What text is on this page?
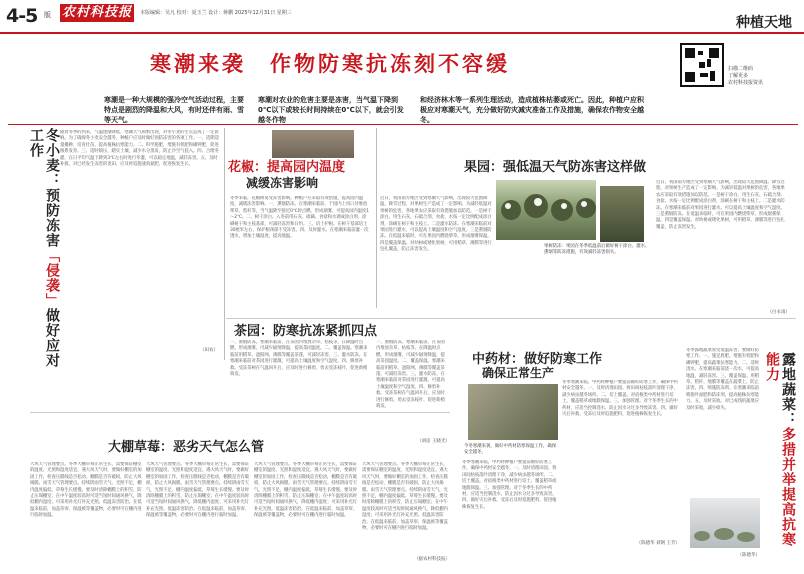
4-5 版 农村科技报	本版编辑：吴凡 校对：夏玉兰 设计：蒋鹏 2025年12月31日 星期三
种植天地
寒潮来袭　作物防寒抗冻刻不容缓
寒潮是一种大规模的强冷空气活动过程，主要特点是剧烈的降温和大风，有时还伴有雨、雪等天气。
寒潮对农业的危害主要是冻害，当气温下降到0℃以下或较长时间持续在0℃以下，就会引发越冬作物
和经济林木等一系列生理活动，造成植株枯萎或死亡。因此，种植户应积极应对寒潮天气，充分做好防灾减灾准备工作及措施，确保农作物安全越冬。
扫描二维码
了解更多
农村科技报资讯
冬小麦：预防冻害「侵袭」做好应对工作	随着冬季的到来，气温逐渐降低，寒潮天气频繁出现，对冬小麦的生长造成了一定影响。为了确保冬小麦安全越冬，种植户应及时做好预防冻害的各项工作。一、适期适量播种，培育壮苗，提高植株抗寒能力。二、科学施肥，增施有机肥和磷钾肥，促进根系发育。三、适时镇压，踏实土壤，减少水分蒸发，防止冷空气侵入。四、合理冬灌，在日平均气温下降到3℃左右时进行冬灌，可以稳定地温，减轻冻害。五、及时补救，对已经发生冻害的麦田，应及时追施速效氮肥，促进恢复生长。
（田农）
花椒：提高园内温度
减缓冻害影响
冬季来临，花椒树易受冻害影响。种植户应采取有效措施，提高园内温度，减缓冻害影响。一、熏烟防冻。在寒潮来临前，于园内上风口处堆放柴草、秸秆等，当气温降至接近0℃时点燃，形成烟雾，可提高园内温度1～2℃。二、树干涂白。入冬前用石灰、硫磺、食盐和水调成涂白剂，涂刷树干和主枝基部，可减轻冻害和日灼。三、培土护根。在树干基部培土30厘米左右，保护根颈部不受冻害。四、及时灌水。在寒潮来临前灌一次透水，增加土壤湿度，提高地温。
果园：强低温天气防冻害这样做
近日，我国南方地区受到寒潮天气影响，出现较大范围降温、降雪过程，对果树生产造成了一定影响。为减轻低温对果树的危害，各地果农应采取有效措施加以防范。一是树干涂白。用生石灰、石硫合剂、食盐、水按一定比例配成涂白剂，涂刷在树干和主枝上。二是灌水防冻。在寒潮来临前对果园进行灌水，可以提高土壤温度和空气湿度。三是熏烟防冻。在低温来临时，可在果园内燃烧柴草，形成烟雾保温。四是覆盖保温。对幼树或矮化果树，可用稻草、薄膜等进行包扎覆盖，防止冻害发生。
果树防冻：果园在冬季低温前后做好树干涂白、灌水、熏烟等防冻措施，有效减轻冻害损失。
近日，我国南方地区受到寒潮天气影响，出现较大范围降温、降雪过程，对果树生产造成了一定影响。为减轻低温对果树的危害，各地果农应采取有效措施加以防范。一是树干涂白。用生石灰、石硫合剂、食盐、水按一定比例配成涂白剂，涂刷在树干和主枝上。二是灌水防冻。在寒潮来临前对果园进行灌水，可以提高土壤温度和空气湿度。三是熏烟防冻。在低温来临时，可在果园内燃烧柴草，形成烟雾保温。四是覆盖保温。对幼树或矮化果树，可用稻草、薄膜等进行包扎覆盖，防止冻害发生。
（白永雨）
茶园：防寒抗冻紧抓四点
一、熏烟防冻。寒潮来临前，在茶园内堆放杂草、枯枝等，在降温时点燃，形成烟雾，可减少辐射降温，提高茶园温度。二、覆盖保温。寒潮来临前用稻草、遮阳网、薄膜等覆盖茶蓬，可减轻冻害。三、灌水防冻。在寒潮来临前对茶园进行灌溉，可提高土壤温度和空气湿度。四、修剪补救。受冻茶树在气温回升后，应及时进行修剪，剪去受冻枝叶，促进新梢萌发。
一、熏烟防冻。寒潮来临前，在茶园内堆放杂草、枯枝等，在降温时点燃，形成烟雾，可减少辐射降温，提高茶园温度。二、覆盖保温。寒潮来临前用稻草、遮阳网、薄膜等覆盖茶蓬，可减轻冻害。三、灌水防冻。在寒潮来临前对茶园进行灌溉，可提高土壤温度和空气湿度。四、修剪补救。受冻茶树在气温回升后，应及时进行修剪，剪去受冻枝叶，促进新梢萌发。
（刘彦 王晓光）
中药材：做好防寒工作
确保正常生产
今冬寒潮来袭，做好中药材防寒保温工作，确保安全越冬。
冬季寒潮来临，中药材种植户要提前做好防寒工作，确保中药材安全越冬。一、及时清理田园。将田间枯枝落叶清理干净，减少病虫越冬场所。二、培土覆盖。对宿根类中药材进行培土，覆盖稻草或地膜保温。三、加强管理。对于冬季生长的中药材，应适当控制浇水，防止因水分过多导致冻害。四、做好灾后补救。受冻后及时追施肥料，促进植株恢复生长。
冬季寒潮来临，中药材种植户要提前做好防寒工作，确保中药材安全越冬。一、及时清理田园。将田间枯枝落叶清理干净，减少病虫越冬场所。二、培土覆盖。对宿根类中药材进行培土，覆盖稻草或地膜保温。三、加强管理。对于冬季生长的中药材，应适当控制浇水，防止因水分过多导致冻害。四、做好灾后补救。受冻后及时追施肥料，促进植株恢复生长。
（陈德华 刘钢 王芳）
冬季露地蔬菜易受低温冻害，要做好防寒工作。一、施足底肥。增施有机肥和磷钾肥，提高蔬菜抗寒能力。二、适时浇水。在寒潮来临前浇一次水，可提高地温，减轻冻害。三、覆盖保温。用稻草、秸秆、地膜等覆盖在蔬菜上，防止冻害。四、喷施防冻剂。在寒潮来临前喷施叶面肥和防冻剂，提高植株抗寒能力。五、及时采收。对已成熟的蔬菜应及时采收，减少损失。	露地蔬菜：多措并举提高抗寒能力
（陈德华）
大棚草莓：恶劣天气怎么管
大风天气管理要点。冬季大棚草莓正常生长，需要保证棚室的温度、光照和湿度适宜。遇大风天气时，要做好棚室的加固工作，检查压膜线是否松动，棚膜是否有破损，防止大风揭膜。雨雪天气管理要点。持续阴雨雪天气，光照不足，棚内温度偏低，草莓生长缓慢。要及时清除棚膜上的积雪，防止压塌棚室；在中午温度较高时可适当短时间通风换气，降低棚内湿度；可采用补光灯补充光照。低温冻害防治。在低温来临前，加盖草帘、保温被等覆盖物，必要时可在棚内进行临时加温。
大风天气管理要点。冬季大棚草莓正常生长，需要保证棚室的温度、光照和湿度适宜。遇大风天气时，要做好棚室的加固工作，检查压膜线是否松动，棚膜是否有破损，防止大风揭膜。雨雪天气管理要点。持续阴雨雪天气，光照不足，棚内温度偏低，草莓生长缓慢。要及时清除棚膜上的积雪，防止压塌棚室；在中午温度较高时可适当短时间通风换气，降低棚内湿度；可采用补光灯补充光照。低温冻害防治。在低温来临前，加盖草帘、保温被等覆盖物，必要时可在棚内进行临时加温。
大风天气管理要点。冬季大棚草莓正常生长，需要保证棚室的温度、光照和湿度适宜。遇大风天气时，要做好棚室的加固工作，检查压膜线是否松动，棚膜是否有破损，防止大风揭膜。雨雪天气管理要点。持续阴雨雪天气，光照不足，棚内温度偏低，草莓生长缓慢。要及时清除棚膜上的积雪，防止压塌棚室；在中午温度较高时可适当短时间通风换气，降低棚内湿度；可采用补光灯补充光照。低温冻害防治。在低温来临前，加盖草帘、保温被等覆盖物，必要时可在棚内进行临时加温。
大风天气管理要点。冬季大棚草莓正常生长，需要保证棚室的温度、光照和湿度适宜。遇大风天气时，要做好棚室的加固工作，检查压膜线是否松动，棚膜是否有破损，防止大风揭膜。雨雪天气管理要点。持续阴雨雪天气，光照不足，棚内温度偏低，草莓生长缓慢。要及时清除棚膜上的积雪，防止压塌棚室；在中午温度较高时可适当短时间通风换气，降低棚内湿度；可采用补光灯补充光照。低温冻害防治。在低温来临前，加盖草帘、保温被等覆盖物，必要时可在棚内进行临时加温。
（据农村科技报）
